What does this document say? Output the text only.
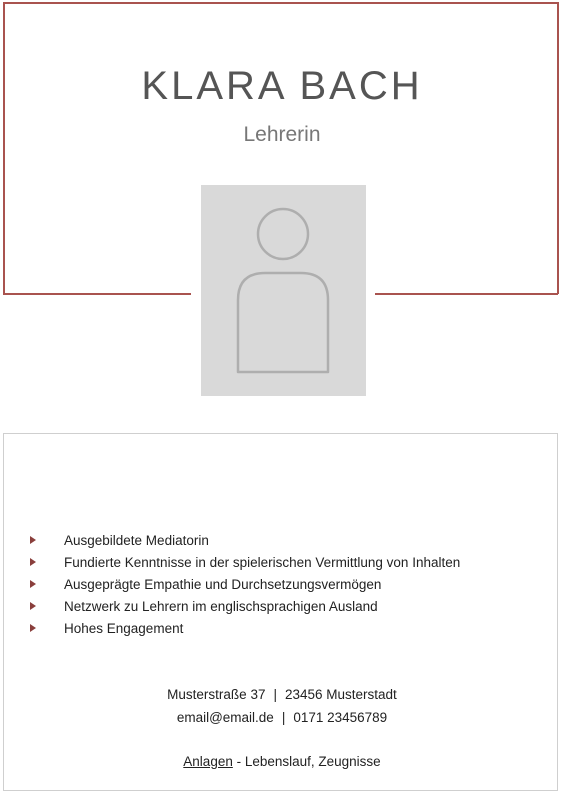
KLARA BACH
Lehrerin
Ausgebildete Mediatorin
Fundierte Kenntnisse in der spielerischen Vermittlung von Inhalten
Ausgeprägte Empathie und Durchsetzungsvermögen
Netzwerk zu Lehrern im englischsprachigen Ausland
Hohes Engagement
Musterstraße 37 | 23456 Musterstadt
email@email.de | 0171 23456789
Anlagen - Lebenslauf, Zeugnisse
